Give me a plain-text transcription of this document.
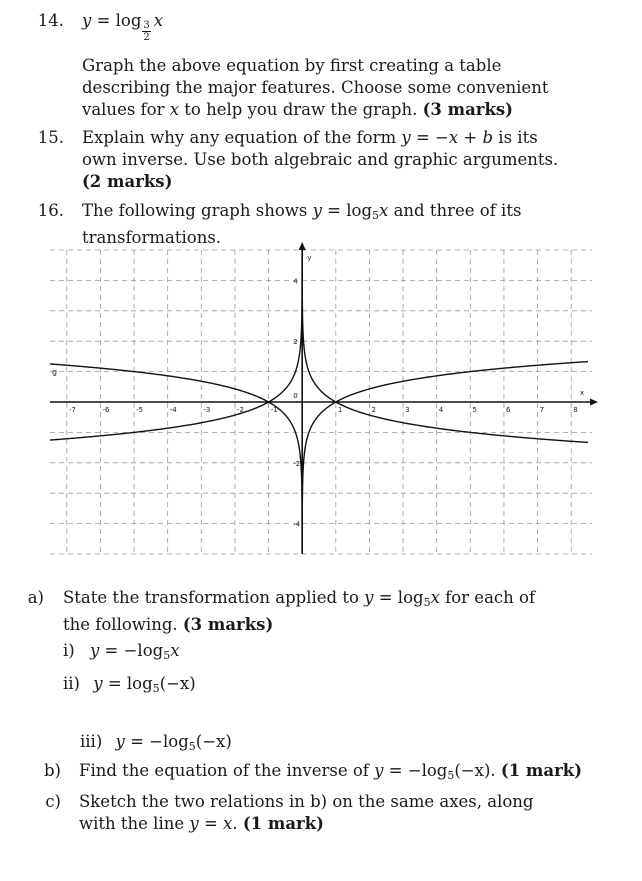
14. $y = \log \frac{3}{2}$ x
Graph the above equation by first creating a table describing the major features. Choose some convenient values for x to help you draw the graph. (3 marks)
15. Explain why any equation of the form y = −x + b is its own inverse. Use both algebraic and graphic arguments.
(2 marks)
16. The following graph shows $y = \log_5x$ and three of its transformations.
-7	-6	-5	-4	-3	-2	-1	1	2	3	4	5	6	7	8
4
2
-2
-4
0	x
y
g
a) State the transformation applied to $y = \log_5x$ for each of the following. (3 marks)
i) $y = -\log_5x$
ii) $y = \log_5(-x)$
iii) $y = -\log_5(-x)$
b) Find the equation of the inverse of $y = -\log_5(-x)$. (1 mark)
c) Sketch the two relations in b) on the same axes, along with the line y = x. (1 mark)
